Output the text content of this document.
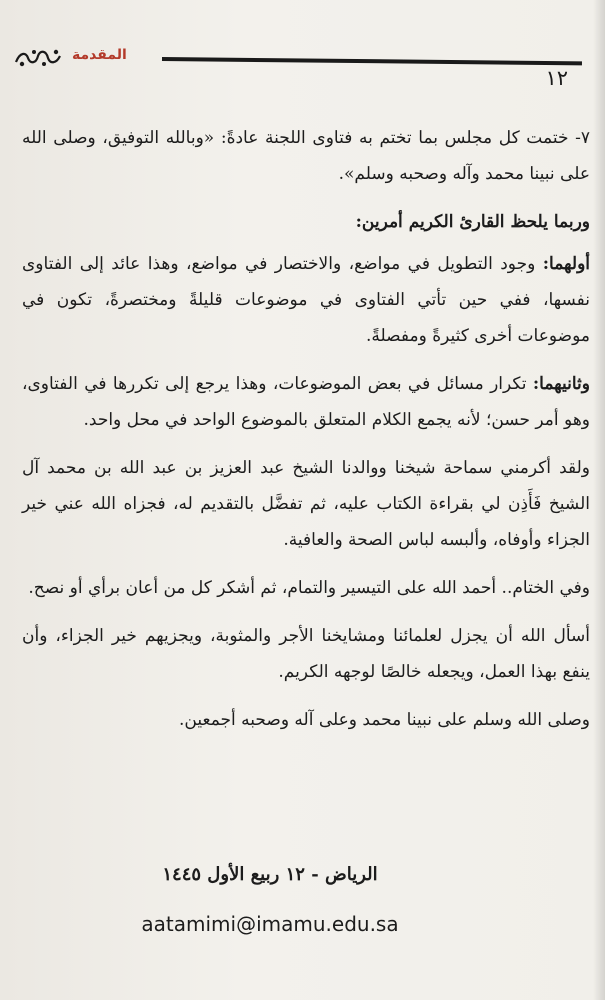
المقدمة
١٢

٧- ختمت كل مجلس بما تختم به فتاوى اللجنة عادةً: «وبالله التوفيق، وصلى الله على نبينا محمد وآله وصحبه وسلم».

وربما يلحظ القارئ الكريم أمرين:

أولهما: وجود التطويل في مواضع، والاختصار في مواضع، وهذا عائد إلى الفتاوى نفسها، ففي حين تأتي الفتاوى في موضوعات قليلةً ومختصرةً، تكون في موضوعات أخرى كثيرةً ومفصلةً.

وثانيهما: تكرار مسائل في بعض الموضوعات، وهذا يرجع إلى تكررها في الفتاوى، وهو أمر حسن؛ لأنه يجمع الكلام المتعلق بالموضوع الواحد في محل واحد.

ولقد أكرمني سماحة شيخنا ووالدنا الشيخ عبد العزيز بن عبد الله بن محمد آل الشيخ فَأَذِن لي بقراءة الكتاب عليه، ثم تفضَّل بالتقديم له، فجزاه الله عني خير الجزاء وأوفاه، وألبسه لباس الصحة والعافية.

وفي الختام.. أحمد الله على التيسير والتمام، ثم أشكر كل من أعان برأي أو نصح.

أسأل الله أن يجزل لعلمائنا ومشايخنا الأجر والمثوبة، ويجزيهم خير الجزاء، وأن ينفع بهذا العمل، ويجعله خالصًا لوجهه الكريم.

وصلى الله وسلم على نبينا محمد وعلى آله وصحبه أجمعين.

الرياض - ١٢ ربيع الأول ١٤٤٥
aatamimi@imamu.edu.sa
